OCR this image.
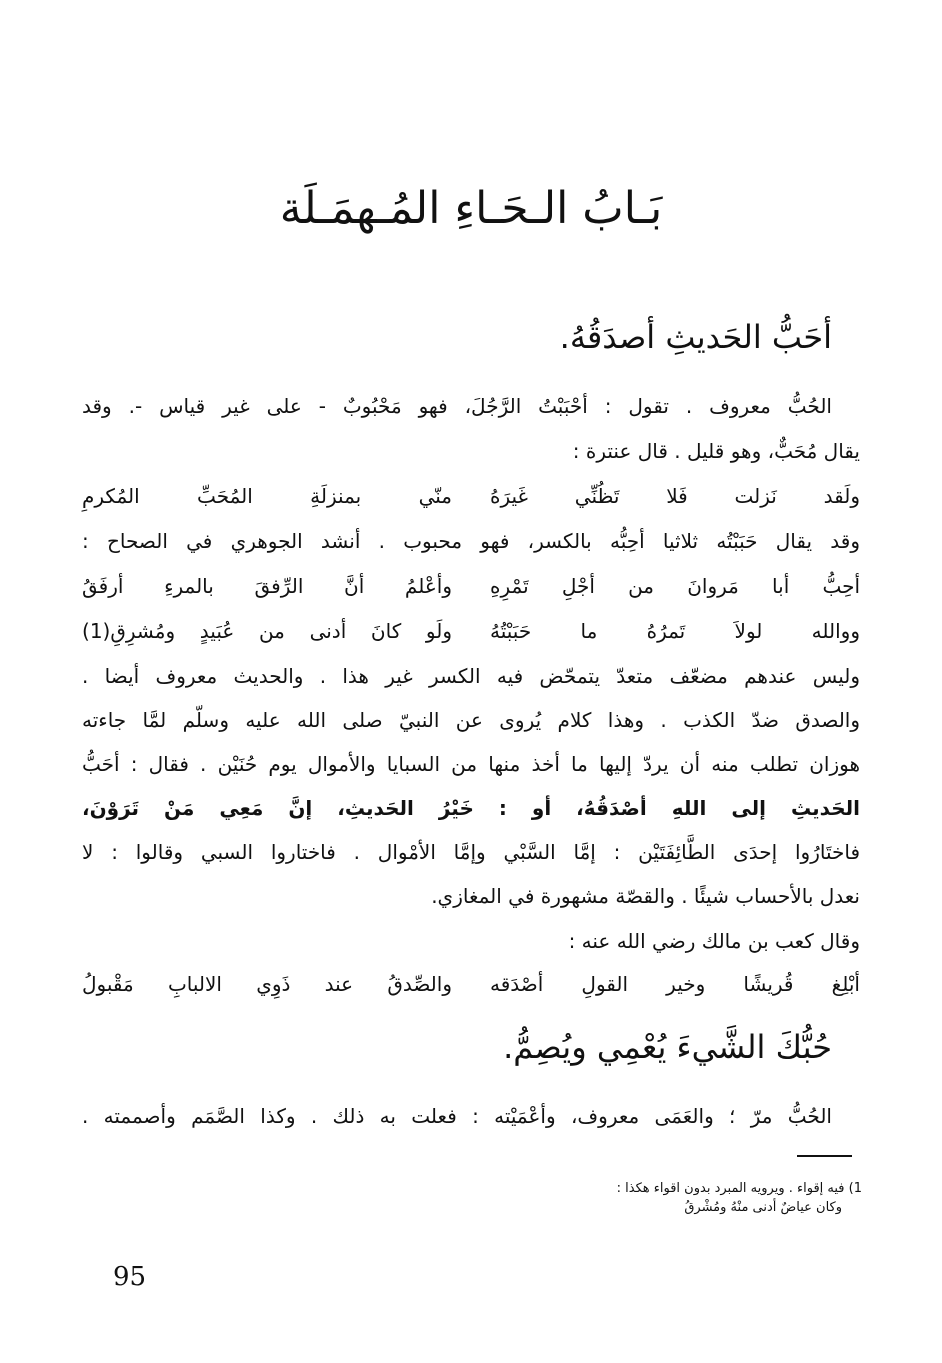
بَـابُ الـحَـاءِ المُـهمَـلَة
أحَبُّ الحَديثِ أصدَقُهُ.
الحُبُّ معروف . تقول : أحْبَبْتُ الرَّجُلَ، فهو مَحْبُوبٌ - على غير قياس -. وقد
يقال مُحَبٌّ، وهو قليل . قال عنترة :
ولَقد نَزلت فَلا تَظُنِّي غَيرَهُ
منّي بمنزلَةِ المُحَبِّ المُكرمِ
وقد يقال حَبَبْتُه ثلاثيا أحِبُّه بالكسر، فهو محبوب . أنشد الجوهري في الصحاح :
أحِبُّ أبا مَروانَ من أجْلِ تَمْرِهِ
وأعْلمُ أنَّ الرِّفقَ بالمرءِ أرفَقُ
ووالله لولاَ تَمرُهُ ما حَبَبْتُهُ
ولَو كانَ أدنى من عُبَيدٍ ومُشرِقِ(1)
وليس عندهم مضعّف متعدّ يتمحّض فيه الكسر غير هذا . والحديث معروف أيضا .
والصدق ضدّ الكذب . وهذا كلام يُروى عن النبيّ صلى الله عليه وسلّم لمَّا جاءته
هوزان تطلب منه أن يردّ إليها ما أخذ منها من السبايا والأموال يوم حُنَيْن . فقال : أحَبُّ
الحَديثِ إلى اللهِ أصْدَقُهُ، أو : خَيْرُ الحَديثِ، إنَّ مَعِي مَنْ تَرَوْنَ،
فاختَارُوا إحدَى الطَّائِفَتَيْن : إمَّا السَّبْي وإمَّا الأمْوال . فاختاروا السبي وقالوا : لا
نعدل بالأحساب شيئًا . والقصّة مشهورة في المغازي.
وقال كعب بن مالك رضي الله عنه :
أبْلِغ قُريشًا وخير القولِ أصْدَقه
والصِّدقُ عند ذَوِي الالبابِ مَقْبولُ
حُبُّكَ الشَّيءَ يُعْمِي ويُصِمُّ.
الحُبُّ مرّ ؛ والعَمَى معروف، وأعْمَيْته : فعلت به ذلك . وكذا الصَّمَم وأصممته .
1) فيه إقواء . ويرويه المبرد بدون اقواء هكذا :
وكان عياضٌ أدنى منْهُ ومُشْرقُ
95
